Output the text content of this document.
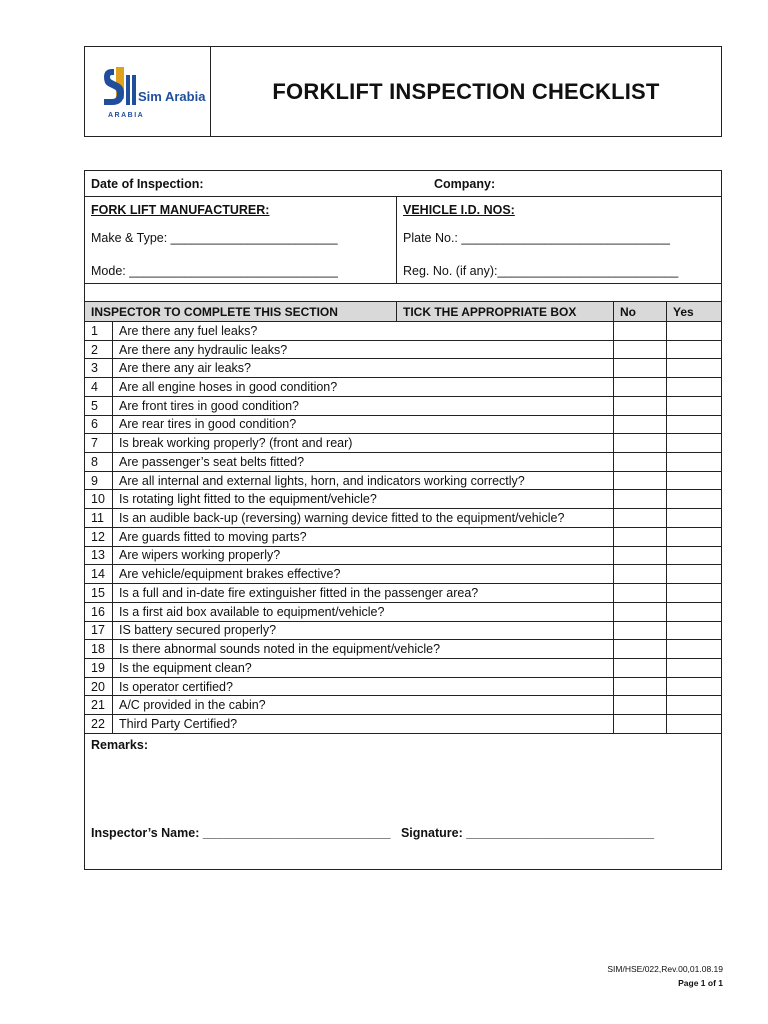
Sim Arabia
ARABIA
FORKLIFT INSPECTION CHECKLIST
Date of Inspection:	Company:
FORK LIFT MANUFACTURER:
Make & Type: ________________________
Mode: ______________________________
VEHICLE I.D. NOS:
Plate No.: ______________________________
Reg. No. (if any):__________________________
INSPECTOR TO COMPLETE THIS SECTION	TICK THE APPROPRIATE BOX	No	Yes
1	Are there any fuel leaks?
2	Are there any hydraulic leaks?
3	Are there any air leaks?
4	Are all engine hoses in good condition?
5	Are front tires in good condition?
6	Are rear tires in good condition?
7	Is break working properly? (front and rear)
8	Are passenger’s seat belts fitted?
9	Are all internal and external lights, horn, and indicators working correctly?
10	Is rotating light fitted to the equipment/vehicle?
11	Is an audible back-up (reversing) warning device fitted to the equipment/vehicle?
12	Are guards fitted to moving parts?
13	Are wipers working properly?
14	Are vehicle/equipment brakes effective?
15	Is a full and in-date fire extinguisher fitted in the passenger area?
16	Is a first aid box available to equipment/vehicle?
17	IS battery secured properly?
18	Is there abnormal sounds noted in the equipment/vehicle?
19	Is the equipment clean?
20	Is operator certified?
21	A/C provided in the cabin?
22	Third Party Certified?
Remarks:
Inspector’s Name: ___________________________ Signature: ___________________________
SIM/HSE/022,Rev.00,01.08.19
Page 1 of 1
